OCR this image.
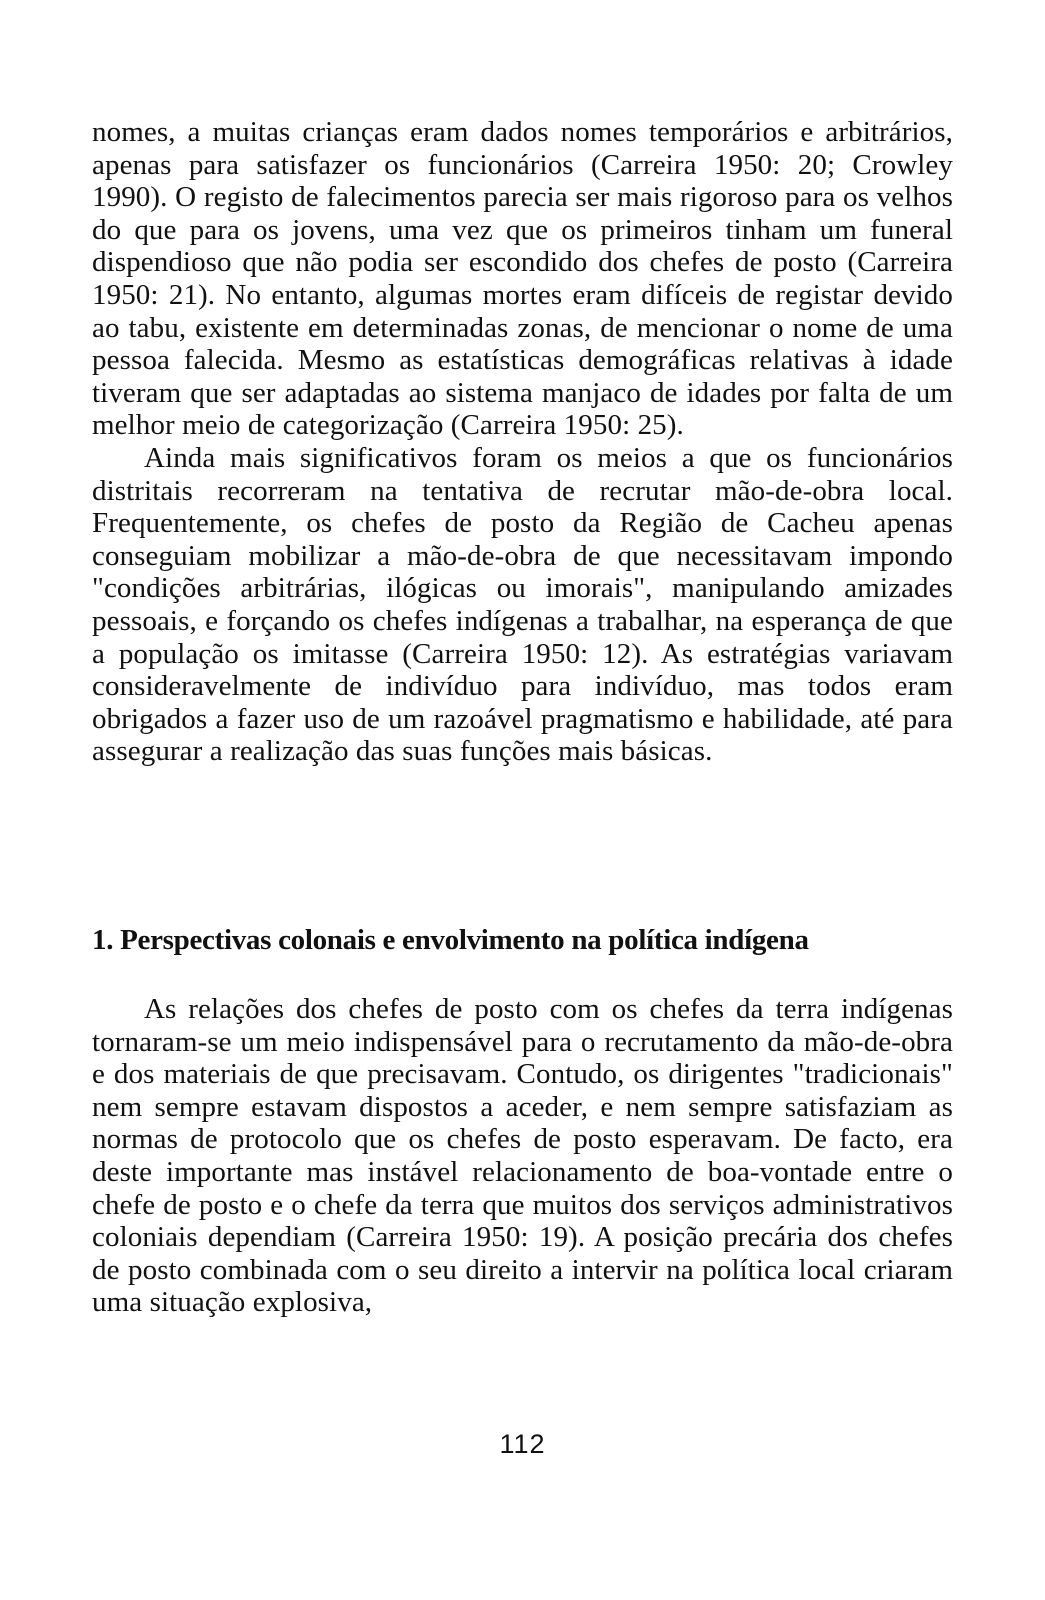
nomes, a muitas crianças eram dados nomes temporários e arbitrários, apenas para satisfazer os funcionários (Carreira 1950: 20; Crowley 1990). O registo de falecimentos parecia ser mais rigoroso para os velhos do que para os jovens, uma vez que os primeiros tinham um funeral dispendioso que não podia ser escondido dos chefes de posto (Carreira 1950: 21). No entanto, algumas mortes eram difíceis de registar devido ao tabu, existente em determinadas zonas, de mencionar o nome de uma pessoa falecida. Mesmo as estatísticas demográficas relativas à idade tiveram que ser adaptadas ao sistema manjaco de idades por falta de um melhor meio de categorização (Carreira 1950: 25).

Ainda mais significativos foram os meios a que os funcionários distritais recorreram na tentativa de recrutar mão-de-obra local. Frequentemente, os chefes de posto da Região de Cacheu apenas conseguiam mobilizar a mão-de-obra de que necessitavam impondo "condições arbitrárias, ilógicas ou imorais", manipulando amizades pessoais, e forçando os chefes indígenas a trabalhar, na esperança de que a população os imitasse (Carreira 1950: 12). As estratégias variavam consideravelmente de indivíduo para indivíduo, mas todos eram obrigados a fazer uso de um razoável pragmatismo e habilidade, até para assegurar a realização das suas funções mais básicas.

1. Perspectivas colonais e envolvimento na política indígena

As relações dos chefes de posto com os chefes da terra indígenas tornaram-se um meio indispensável para o recrutamento da mão-de-obra e dos materiais de que precisavam. Contudo, os dirigentes "tradicionais" nem sempre estavam dispostos a aceder, e nem sempre satisfaziam as normas de protocolo que os chefes de posto esperavam. De facto, era deste importante mas instável relacionamento de boa-vontade entre o chefe de posto e o chefe da terra que muitos dos serviços administrativos coloniais dependiam (Carreira 1950: 19). A posição precária dos chefes de posto combinada com o seu direito a intervir na política local criaram uma situação explosiva,

112
